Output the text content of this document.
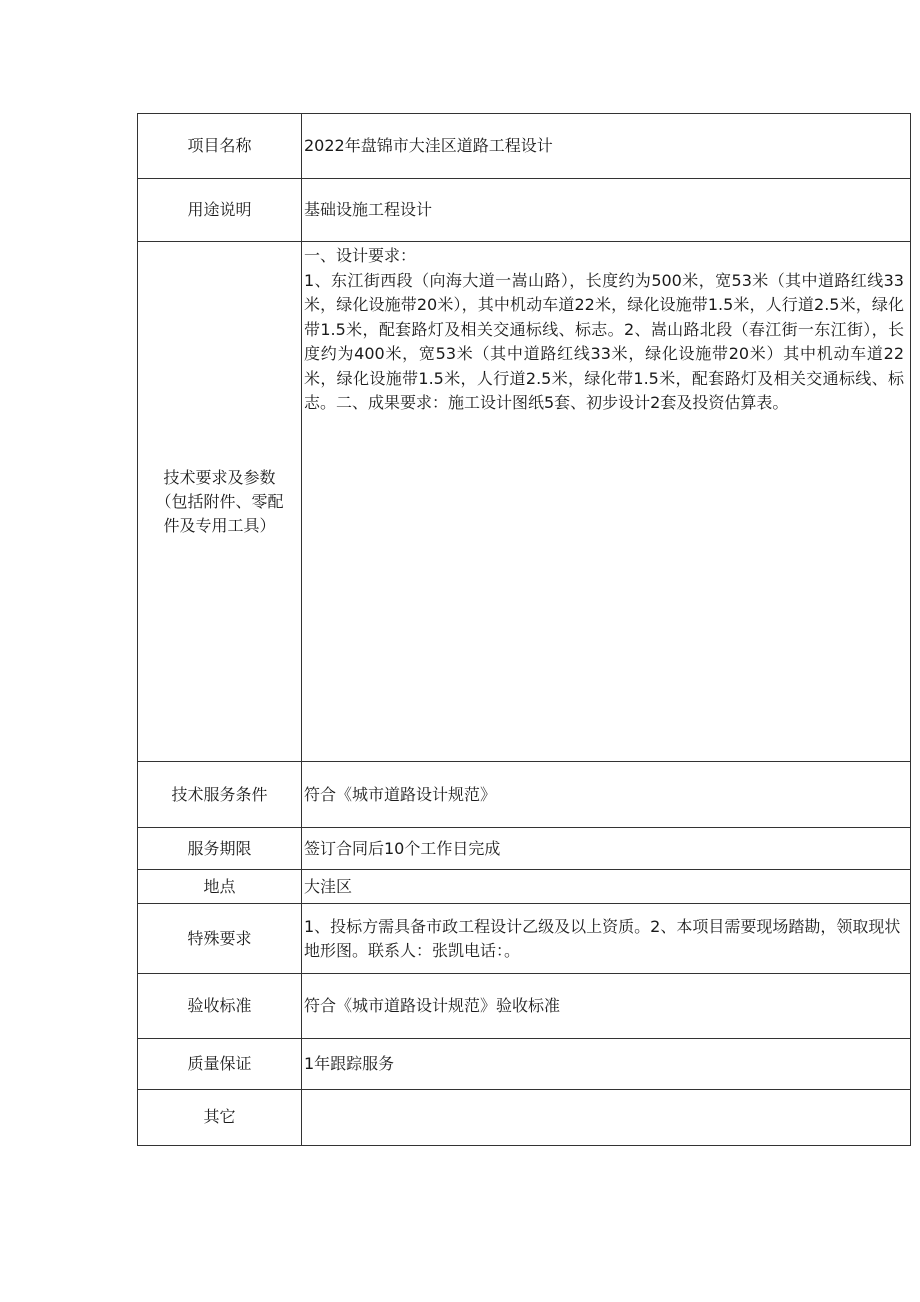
项目名称	2022年盘锦市大洼区道路工程设计
用途说明	基础设施工程设计
技术要求及参数（包括附件、零配件及专用工具）	一、设计要求：
1、东江街西段（向海大道一嵩山路），长度约为500米，宽53米（其中道路红线33米，绿化设施带20米），其中机动车道22米，绿化设施带1.5米，人行道2.5米，绿化带1.5米，配套路灯及相关交通标线、标志。2、嵩山路北段（春江街一东江街），长度约为400米，宽53米（其中道路红线33米，绿化设施带20米）其中机动车道22米，绿化设施带1.5米，人行道2.5米，绿化带1.5米，配套路灯及相关交通标线、标志。二、成果要求：施工设计图纸5套、初步设计2套及投资估算表。

技术服务条件	符合《城市道路设计规范》
服务期限	签订合同后10个工作日完成
地点	大洼区
特殊要求	1、投标方需具备市政工程设计乙级及以上资质。2、本项目需要现场踏勘，领取现状地形图。联系人：张凯电话：。
验收标准	符合《城市道路设计规范》验收标准
质量保证	1年跟踪服务
其它	
